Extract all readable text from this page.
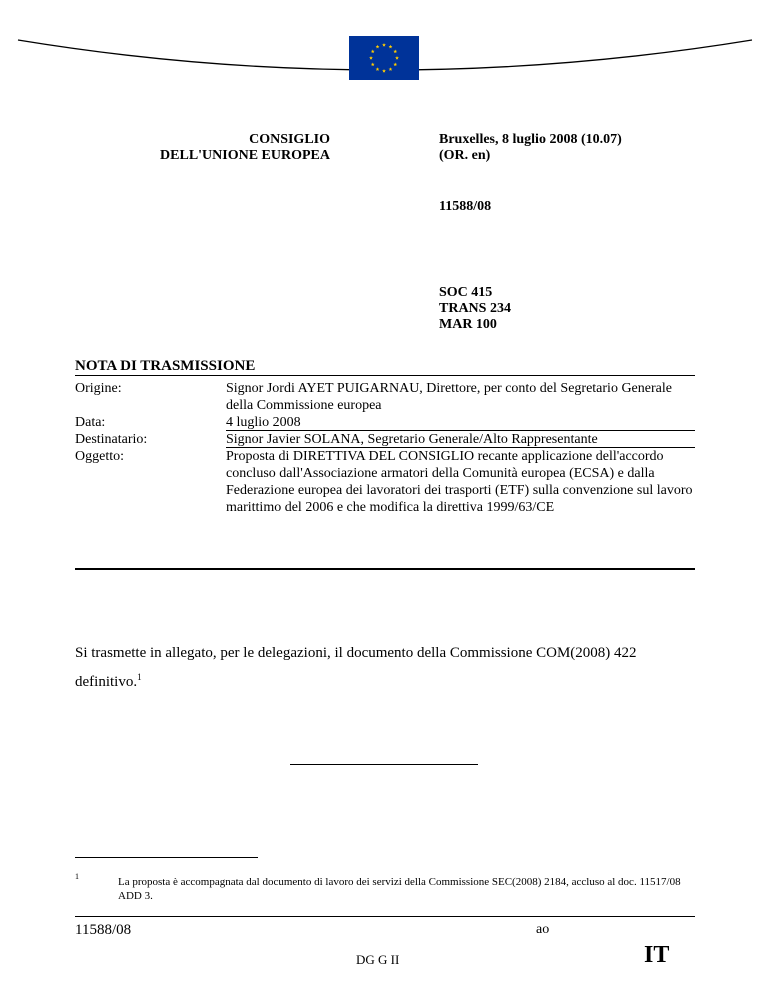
CONSIGLIO
DELL'UNIONE EUROPEA
Bruxelles, 8 luglio 2008 (10.07)
(OR. en)
11588/08
SOC 415
TRANS 234
MAR 100
NOTA DI TRASMISSIONE
Origine:	Signor Jordi AYET PUIGARNAU, Direttore, per conto del Segretario Generale della Commissione europea
Data:	4 luglio 2008
Destinatario:	Signor Javier SOLANA, Segretario Generale/Alto Rappresentante
Oggetto:	Proposta di DIRETTIVA DEL CONSIGLIO recante applicazione dell'accordo concluso dall'Associazione armatori della Comunità europea (ECSA) e dalla Federazione europea dei lavoratori dei trasporti (ETF) sulla convenzione sul lavoro marittimo del 2006 e che modifica la direttiva 1999/63/CE
Si trasmette in allegato, per le delegazioni, il documento della Commissione COM(2008) 422 definitivo.$^1$
1	La proposta è accompagnata dal documento di lavoro dei servizi della Commissione SEC(2008) 2184, accluso al doc. 11517/08 ADD 3.
11588/08	ao
DG G II	IT
